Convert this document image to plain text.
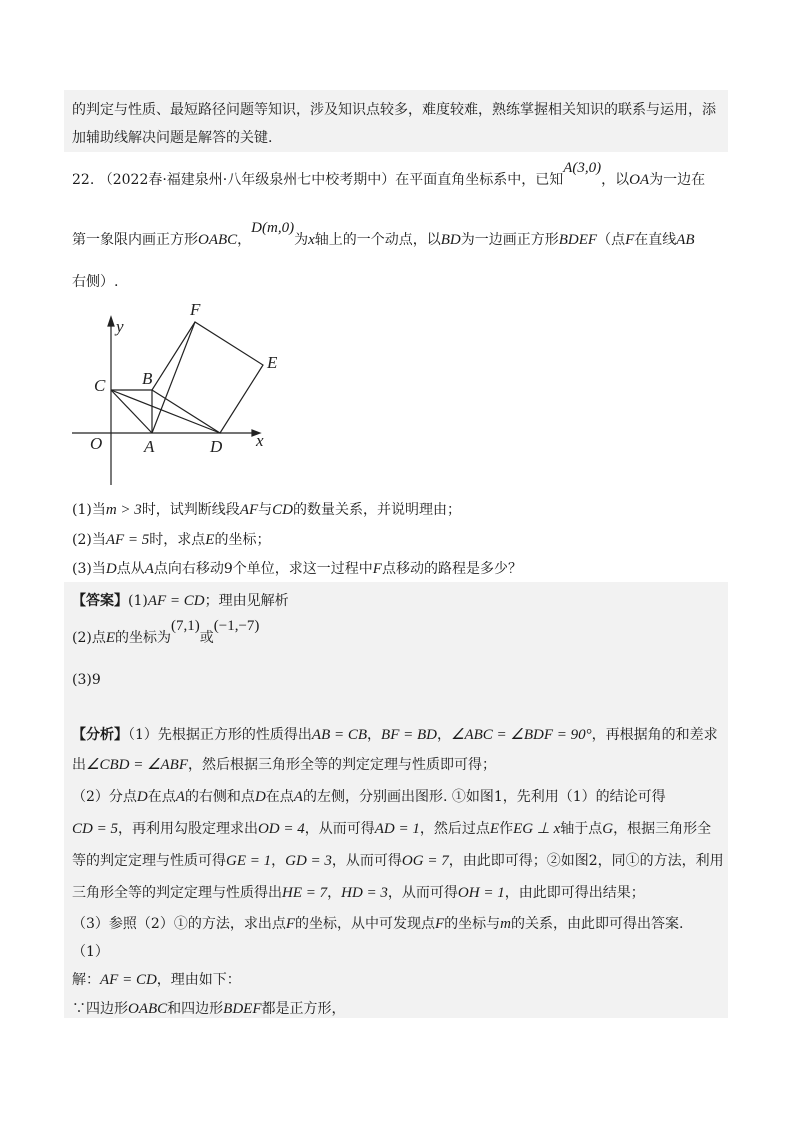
的判定与性质、最短路径问题等知识，涉及知识点较多，难度较难，熟练掌握相关知识的联系与运用，添
加辅助线解决问题是解答的关键.
22. （2022春·福建泉州·八年级泉州七中校考期中）在平面直角坐标系中，已知A(3,0)，以OA为一边在
第一象限内画正方形OABC，D(m,0)为x轴上的一个动点，以BD为一边画正方形BDEF（点F在直线AB
右侧）.
F
y
E
B
C
O A	D x
(1)当m > 3时，试判断线段AF与CD的数量关系，并说明理由；
(2)当AF = 5时，求点E的坐标；
(3)当D点从A点向右移动9个单位，求这一过程中F点移动的路程是多少？
【答案】(1)AF = CD；理由见解析
(2)点E的坐标为(7,1)或(−1,−7)
(3)9
【分析】（1）先根据正方形的性质得出AB = CB，BF = BD，∠ABC = ∠BDF = 90°，再根据角的和差求
出∠CBD = ∠ABF，然后根据三角形全等的判定定理与性质即可得；
（2）分点D在点A的右侧和点D在点A的左侧，分别画出图形. ①如图1，先利用（1）的结论可得
CD = 5，再利用勾股定理求出OD = 4，从而可得AD = 1，然后过点E作EG ⊥ x轴于点G，根据三角形全
等的判定定理与性质可得GE = 1，GD = 3，从而可得OG = 7，由此即可得；②如图2，同①的方法，利用
三角形全等的判定定理与性质得出HE = 7，HD = 3，从而可得OH = 1，由此即可得出结果；
（3）参照（2）①的方法，求出点F的坐标，从中可发现点F的坐标与m的关系，由此即可得出答案.
（1）
解：AF = CD，理由如下：
∵四边形OABC和四边形BDEF都是正方形，
